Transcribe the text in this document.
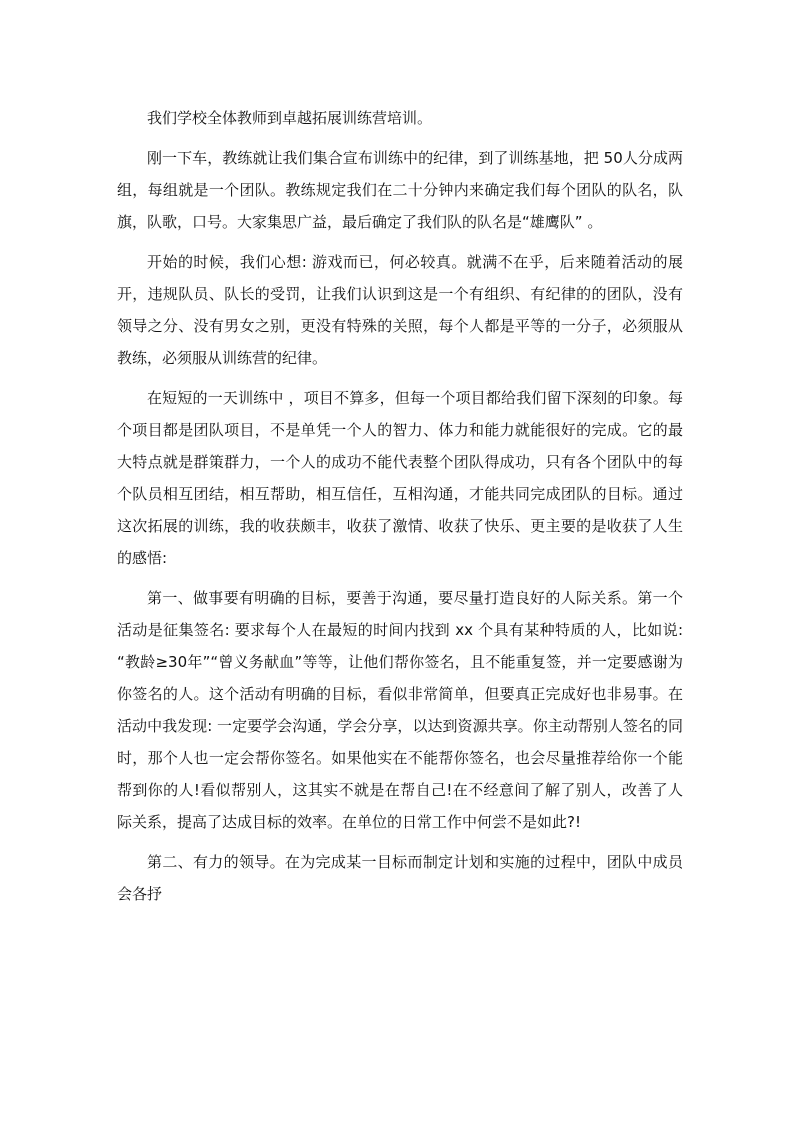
我们学校全体教师到卓越拓展训练营培训。

刚一下车，教练就让我们集合宣布训练中的纪律，到了训练基地，把 50人分成两组，每组就是一个团队。教练规定我们在二十分钟内来确定我们每个团队的队名，队旗，队歌，口号。大家集思广益，最后确定了我们队的队名是“雄鹰队” 。

开始的时候，我们心想: 游戏而已，何必较真。就满不在乎，后来随着活动的展开，违规队员、队长的受罚，让我们认识到这是一个有组织、有纪律的的团队，没有领导之分、没有男女之别，更没有特殊的关照，每个人都是平等的一分子，必须服从教练，必须服从训练营的纪律。

在短短的一天训练中 ，项目不算多，但每一个项目都给我们留下深刻的印象。每个项目都是团队项目，不是单凭一个人的智力、体力和能力就能很好的完成。它的最大特点就是群策群力，一个人的成功不能代表整个团队得成功，只有各个团队中的每个队员相互团结，相互帮助，相互信任，互相沟通，才能共同完成团队的目标。通过这次拓展的训练，我的收获颇丰，收获了激情、收获了快乐、更主要的是收获了人生的感悟:

第一、做事要有明确的目标，要善于沟通，要尽量打造良好的人际关系。第一个活动是征集签名: 要求每个人在最短的时间内找到 xx 个具有某种特质的人，比如说: “教龄≥30年”“曾义务献血”等等，让他们帮你签名，且不能重复签，并一定要感谢为你签名的人。这个活动有明确的目标，看似非常简单，但要真正完成好也非易事。在活动中我发现: 一定要学会沟通，学会分享，以达到资源共享。你主动帮别人签名的同时，那个人也一定会帮你签名。如果他实在不能帮你签名，也会尽量推荐给你一个能帮到你的人!看似帮别人，这其实不就是在帮自己!在不经意间了解了别人，改善了人际关系，提高了达成目标的效率。在单位的日常工作中何尝不是如此?!

第二、有力的领导。在为完成某一目标而制定计划和实施的过程中，团队中成员会各抒
